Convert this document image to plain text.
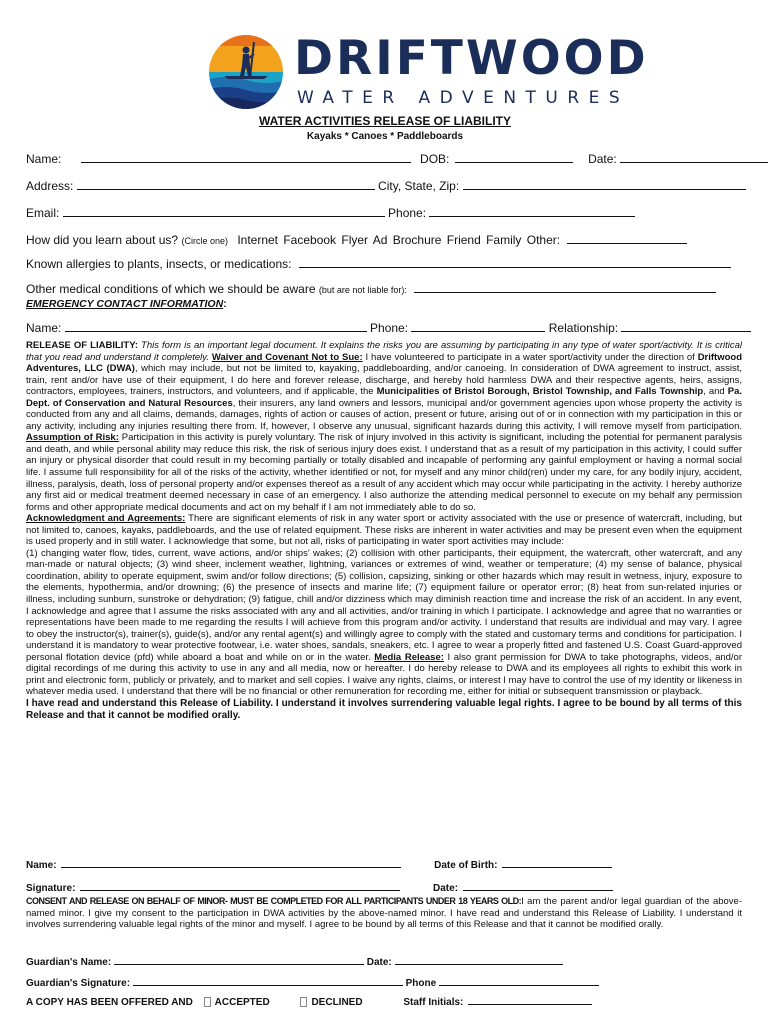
DRIFTWOOD
WATER ADVENTURES
WATER ACTIVITIES RELEASE OF LIABILITY
Kayaks * Canoes * Paddleboards
Name:	DOB:	Date:
Address:	City, State, Zip:
Email:	Phone:
How did you learn about us? (Circle one) Internet Facebook Flyer Ad Brochure Friend Family Other:
Known allergies to plants, insects, or medications:
Other medical conditions of which we should be aware (but are not liable for):
EMERGENCY CONTACT INFORMATION:
Name:	Phone:	Relationship:

RELEASE OF LIABILITY: This form is an important legal document. It explains the risks you are assuming by participating in any type of water sport/activity. It is critical that you read and understand it completely. Waiver and Covenant Not to Sue: I have volunteered to participate in a water sport/activity under the direction of Driftwood Adventures, LLC (DWA), which may include, but not be limited to, kayaking, paddleboarding, and/or canoeing. In consideration of DWA agreement to instruct, assist, train, rent and/or have use of their equipment, I do here and forever release, discharge, and hereby hold harmless DWA and their respective agents, heirs, assigns, contractors, employees, trainers, instructors, and volunteers, and if applicable, the Municipalities of Bristol Borough, Bristol Township, and Falls Township, and Pa. Dept. of Conservation and Natural Resources, their insurers, any land owners and lessors, municipal and/or government agencies upon whose property the activity is conducted from any and all claims, demands, damages, rights of action or causes of action, present or future, arising out of or in connection with my participation in this or any activity, including any injuries resulting there from. If, however, I observe any unusual, significant hazards during this activity, I will remove myself from participation. Assumption of Risk: Participation in this activity is purely voluntary. The risk of injury involved in this activity is significant, including the potential for permanent paralysis and death, and while personal ability may reduce this risk, the risk of serious injury does exist. I understand that as a result of my participation in this activity, I could suffer an injury or physical disorder that could result in my becoming partially or totally disabled and incapable of performing any gainful employment or having a normal social life. I assume full responsibility for all of the risks of the activity, whether identified or not, for myself and any minor child(ren) under my care, for any bodily injury, accident, illness, paralysis, death, loss of personal property and/or expenses thereof as a result of any accident which may occur while participating in the activity. I hereby authorize any first aid or medical treatment deemed necessary in case of an emergency. I also authorize the attending medical personnel to execute on my behalf any permission forms and other appropriate medical documents and act on my behalf if I am not immediately able to do so.

Acknowledgment and Agreements: There are significant elements of risk in any water sport or activity associated with the use or presence of watercraft, including, but not limited to, canoes, kayaks, paddleboards, and the use of related equipment. These risks are inherent in water activities and may be present even when the equipment is used properly and in still water. I acknowledge that some, but not all, risks of participating in water sport activities may include:

(1) changing water flow, tides, current, wave actions, and/or ships' wakes; (2) collision with other participants, their equipment, the watercraft, other watercraft, and any man-made or natural objects; (3) wind sheer, inclement weather, lightning, variances or extremes of wind, weather or temperature; (4) my sense of balance, physical coordination, ability to operate equipment, swim and/or follow directions; (5) collision, capsizing, sinking or other hazards which may result in wetness, injury, exposure to the elements, hypothermia, and/or drowning; (6) the presence of insects and marine life; (7) equipment failure or operator error; (8) heat from sun-related injuries or illness, including sunburn, sunstroke or dehydration; (9) fatigue, chill and/or dizziness which may diminish reaction time and increase the risk of an accident. In any event, I acknowledge and agree that I assume the risks associated with any and all activities, and/or training in which I participate. I acknowledge and agree that no warranties or representations have been made to me regarding the results I will achieve from this program and/or activity. I understand that results are individual and may vary. I agree to obey the instructor(s), trainer(s), guide(s), and/or any rental agent(s) and willingly agree to comply with the stated and customary terms and conditions for participation. I understand it is mandatory to wear protective footwear, i.e. water shoes, sandals, sneakers, etc. I agree to wear a properly fitted and fastened U.S. Coast Guard-approved personal flotation device (pfd) while aboard a boat and while on or in the water. Media Release: I also grant permission for DWA to take photographs, videos, and/or digital recordings of me during this activity to use in any and all media, now or hereafter. I do hereby release to DWA and its employees all rights to exhibit this work in print and electronic form, publicly or privately, and to market and sell copies. I waive any rights, claims, or interest I may have to control the use of my identity or likeness in whatever media used. I understand that there will be no financial or other remuneration for recording me, either for initial or subsequent transmission or playback.

I have read and understand this Release of Liability. I understand it involves surrendering valuable legal rights. I agree to be bound by all terms of this Release and that it cannot be modified orally.

Name:	Date of Birth:
Signature:	Date:
CONSENT AND RELEASE ON BEHALF OF MINOR- MUST BE COMPLETED FOR ALL PARTICIPANTS UNDER 18 YEARS OLD:I am the parent and/or legal guardian of the above-named minor. I give my consent to the participation in DWA activities by the above-named minor. I have read and understand this Release of Liability. I understand it involves surrendering valuable legal rights of the minor and myself. I agree to be bound by all terms of this Release and that it cannot be modified orally.
Guardian's Name:	Date:
Guardian's Signature:	Phone
A COPY HAS BEEN OFFERED AND ACCEPTED	DECLINED	Staff Initials:
